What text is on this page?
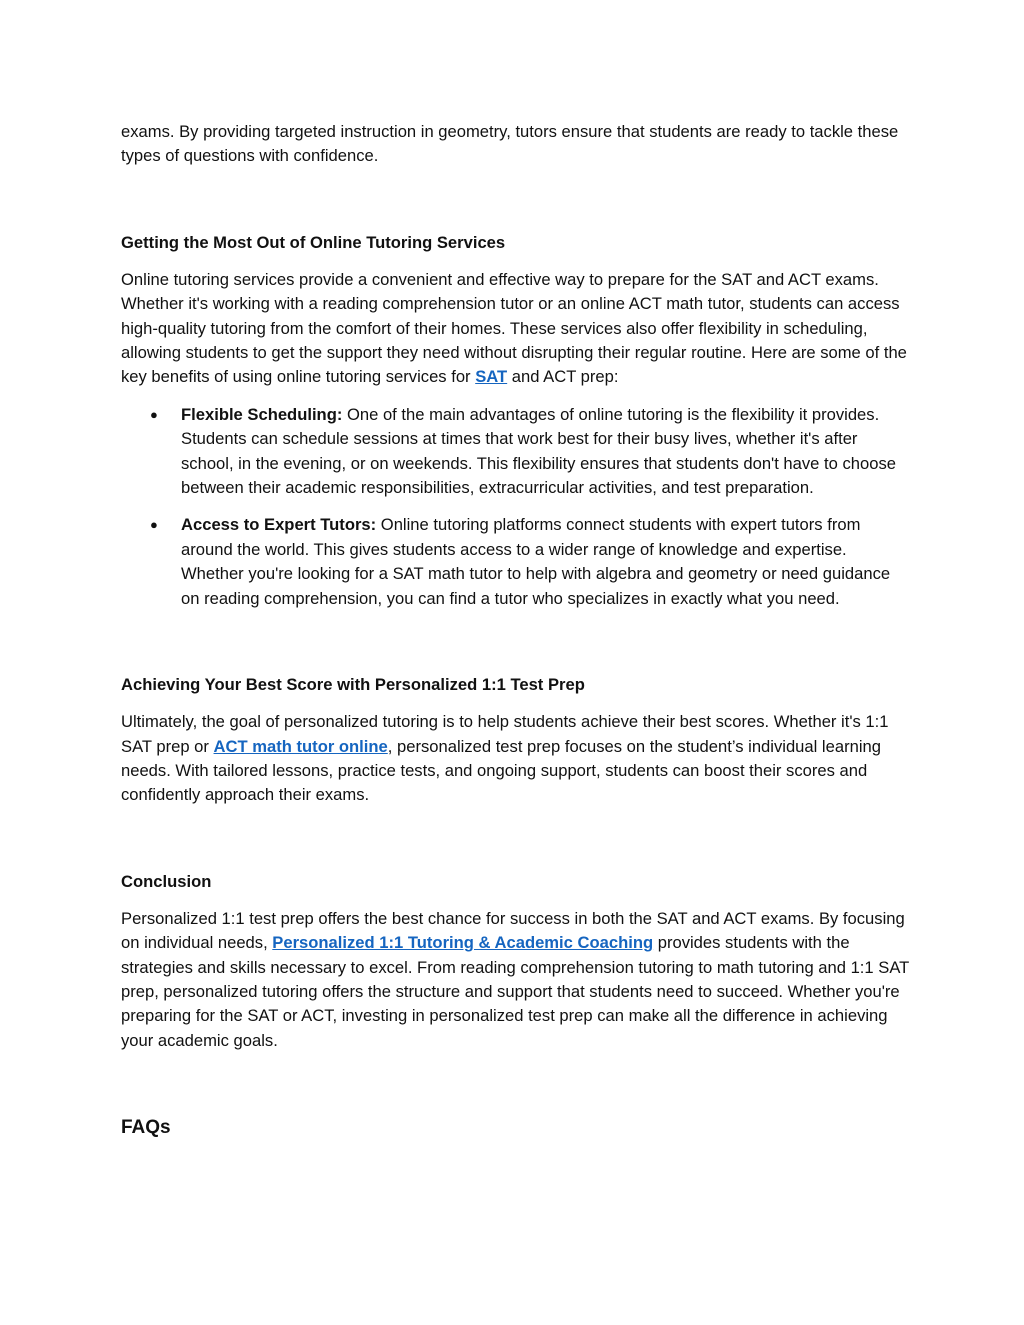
exams. By providing targeted instruction in geometry, tutors ensure that students are ready to tackle these types of questions with confidence.

Getting the Most Out of Online Tutoring Services

Online tutoring services provide a convenient and effective way to prepare for the SAT and ACT exams. Whether it's working with a reading comprehension tutor or an online ACT math tutor, students can access high-quality tutoring from the comfort of their homes. These services also offer flexibility in scheduling, allowing students to get the support they need without disrupting their regular routine. Here are some of the key benefits of using online tutoring services for SAT and ACT prep:

● Flexible Scheduling: One of the main advantages of online tutoring is the flexibility it provides. Students can schedule sessions at times that work best for their busy lives, whether it's after school, in the evening, or on weekends. This flexibility ensures that students don't have to choose between their academic responsibilities, extracurricular activities, and test preparation.
● Access to Expert Tutors: Online tutoring platforms connect students with expert tutors from around the world. This gives students access to a wider range of knowledge and expertise. Whether you're looking for a SAT math tutor to help with algebra and geometry or need guidance on reading comprehension, you can find a tutor who specializes in exactly what you need.
Achieving Your Best Score with Personalized 1:1 Test Prep

Ultimately, the goal of personalized tutoring is to help students achieve their best scores. Whether it's 1:1 SAT prep or ACT math tutor online, personalized test prep focuses on the student’s individual learning needs. With tailored lessons, practice tests, and ongoing support, students can boost their scores and confidently approach their exams.

Conclusion

Personalized 1:1 test prep offers the best chance for success in both the SAT and ACT exams. By focusing on individual needs, Personalized 1:1 Tutoring & Academic Coaching provides students with the strategies and skills necessary to excel. From reading comprehension tutoring to math tutoring and 1:1 SAT prep, personalized tutoring offers the structure and support that students need to succeed. Whether you're preparing for the SAT or ACT, investing in personalized test prep can make all the difference in achieving your academic goals.

FAQs
